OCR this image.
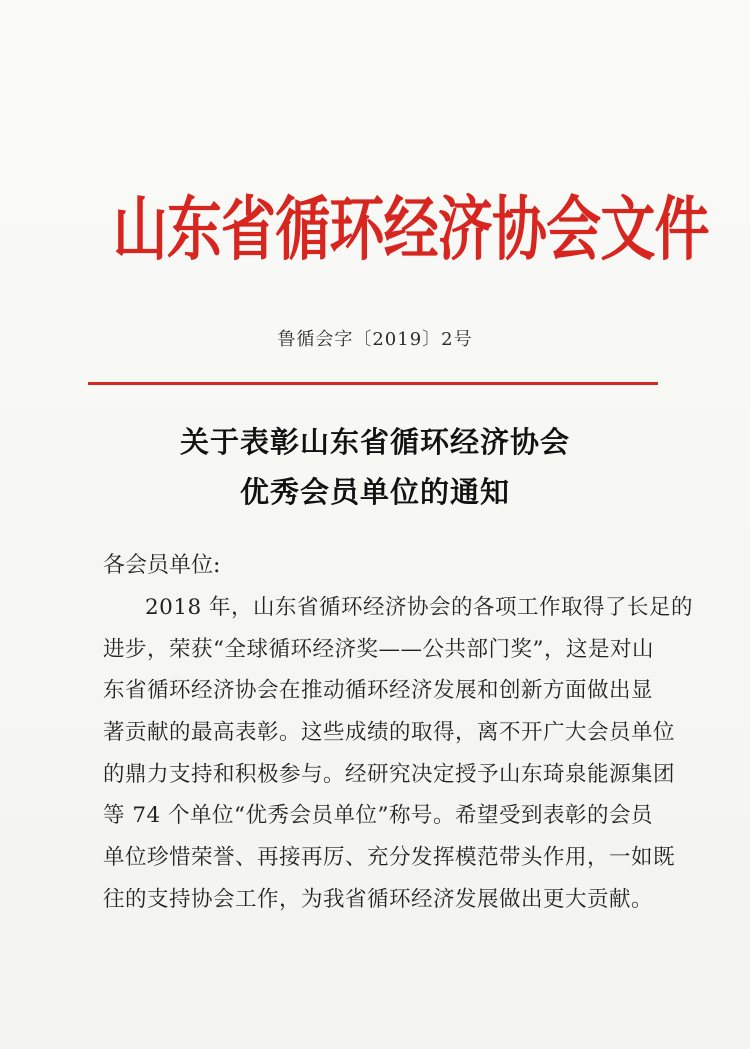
山东省循环经济协会文件
鲁循会字〔2019〕2号
关于表彰山东省循环经济协会
优秀会员单位的通知
各会员单位:
2018 年，山东省循环经济协会的各项工作取得了长足的
进步，荣获“全球循环经济奖——公共部门奖”，这是对山
东省循环经济协会在推动循环经济发展和创新方面做出显
著贡献的最高表彰。这些成绩的取得，离不开广大会员单位
的鼎力支持和积极参与。经研究决定授予山东琦泉能源集团
等 74 个单位“优秀会员单位”称号。希望受到表彰的会员
单位珍惜荣誉、再接再厉、充分发挥模范带头作用，一如既
往的支持协会工作，为我省循环经济发展做出更大贡献。
